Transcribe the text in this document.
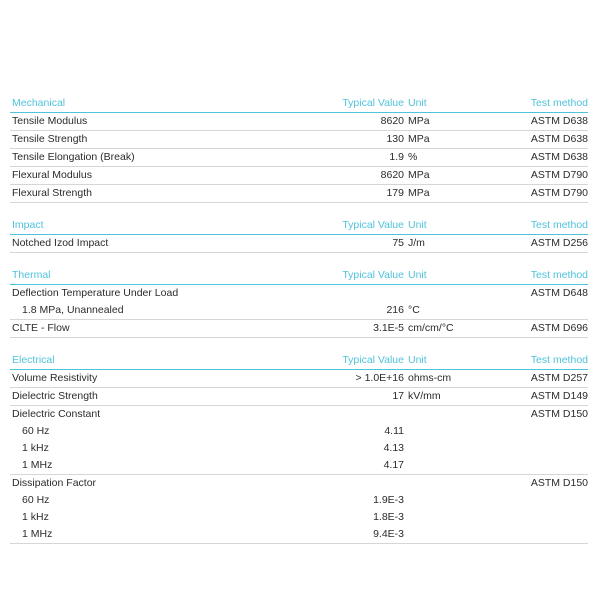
Mechanical	Typical Value Unit	Test method
Tensile Modulus	8620 MPa	ASTM D638
Tensile Strength	130 MPa	ASTM D638
Tensile Elongation (Break)	1.9 %	ASTM D638
Flexural Modulus	8620 MPa	ASTM D790
Flexural Strength	179 MPa	ASTM D790
Impact	Typical Value Unit	Test method
Notched Izod Impact	75 J/m	ASTM D256
Thermal	Typical Value Unit	Test method
Deflection Temperature Under Load	ASTM D648
1.8 MPa, Unannealed	216 °C
CLTE - Flow	3.1E-5 cm/cm/°C	ASTM D696
Electrical	Typical Value Unit	Test method
Volume Resistivity	> 1.0E+16 ohms-cm	ASTM D257
Dielectric Strength	17 kV/mm	ASTM D149
Dielectric Constant	ASTM D150
60 Hz	4.11
1 kHz	4.13
1 MHz	4.17
Dissipation Factor	ASTM D150
60 Hz	1.9E-3
1 kHz	1.8E-3
1 MHz	9.4E-3
